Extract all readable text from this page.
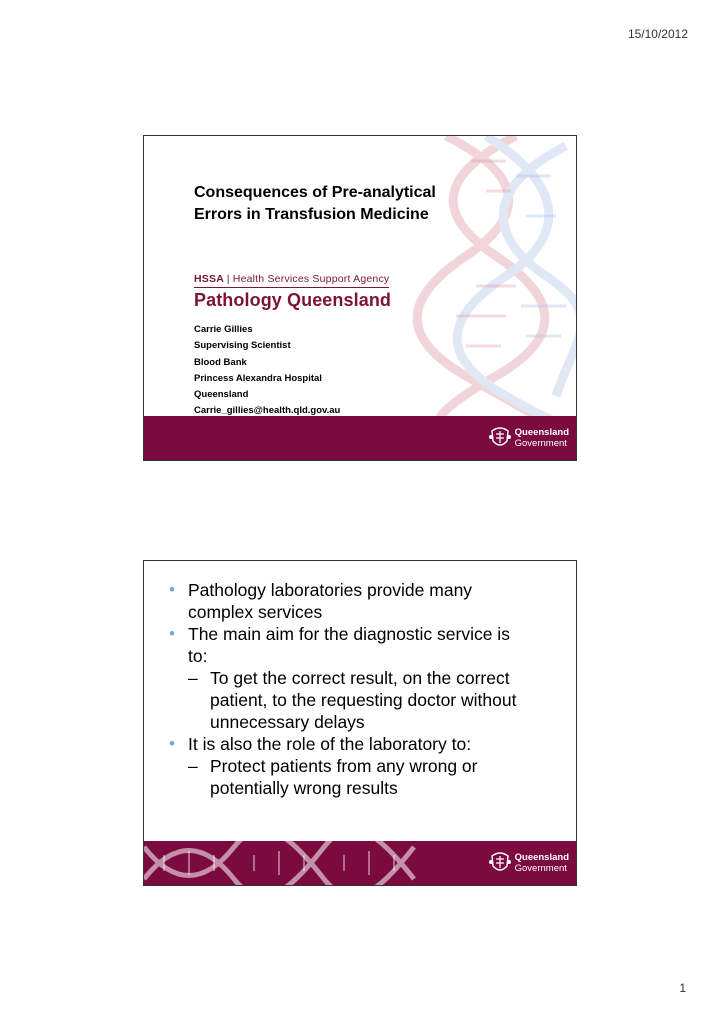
15/10/2012
Consequences of Pre-analytical
Errors in Transfusion Medicine
HSSA | Health Services Support Agency
Pathology Queensland
Carrie Gillies
Supervising Scientist
Blood Bank
Princess Alexandra Hospital
Queensland
Carrie_gillies@health.qld.gov.au
Queensland
Government
• Pathology laboratories provide many
complex services
• The main aim for the diagnostic service is
to:
– To get the correct result, on the correct
patient, to the requesting doctor without
unnecessary delays
• It is also the role of the laboratory to:
– Protect patients from any wrong or
potentially wrong results
Queensland
Government
1
